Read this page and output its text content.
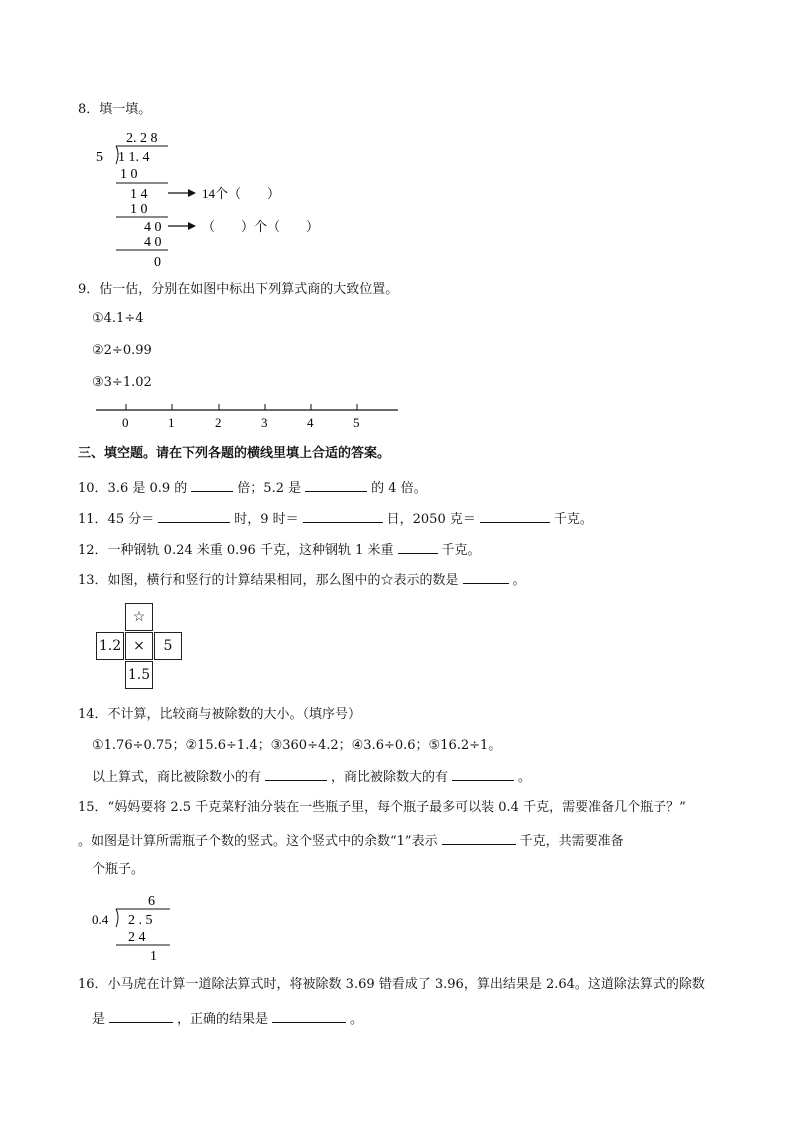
8．填一填。
2. 2 8
5 1 1. 4
1 0
1 4	14个（　　）
1 0
4 0	（　　）个（　　）
4 0
0
9．估一估，分别在如图中标出下列算式商的大致位置。
①4.1÷4
②2÷0.99
③3÷1.02
0	1	2	3	4	5
三、填空题。请在下列各题的横线里填上合适的答案。
10．3.6 是 0.9 的	倍；5.2 是	的 4 倍。
11．45 分＝	时，9 时＝	日，2050 克＝	千克。
12．一种钢轨 0.24 米重 0.96 千克，这种钢轨 1 米重	千克。
13．如图，横行和竖行的计算结果相同，那么图中的☆表示的数是	。
☆
1.2 ×	5
1.5
14．不计算，比较商与被除数的大小。（填序号）
①1.76÷0.75；②15.6÷1.4；③360÷4.2；④3.6÷0.6；⑤16.2÷1。
以上算式，商比被除数小的有	，商比被除数大的有	。
15．“妈妈要将 2.5 千克菜籽油分装在一些瓶子里，每个瓶子最多可以装 0.4 千克，需要准备几个瓶子？”
。如图是计算所需瓶子个数的竖式。这个竖式中的余数“1”表示	千克，共需要准备
个瓶子。
6
0.4 2 . 5
2 4
1
16．小马虎在计算一道除法算式时，将被除数 3.69 错看成了 3.96，算出结果是 2.64。这道除法算式的除数
是	，正确的结果是	。
